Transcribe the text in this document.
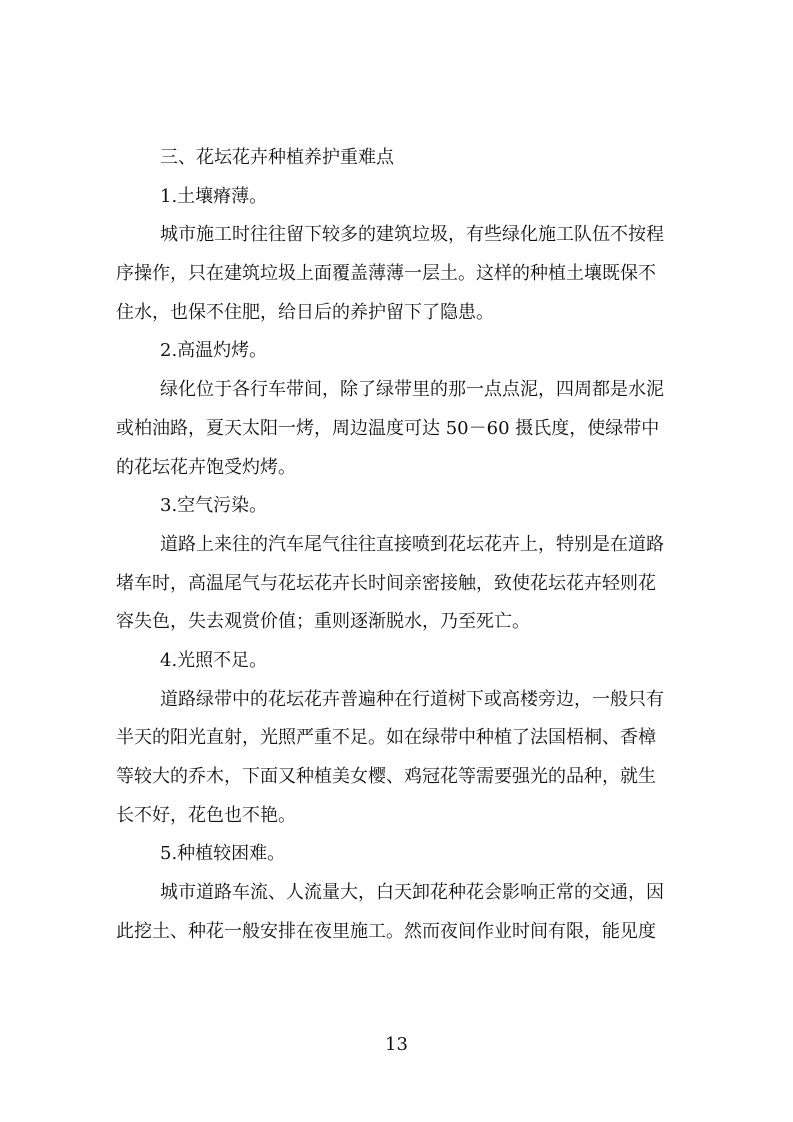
三、花坛花卉种植养护重难点

1.土壤瘠薄。

城市施工时往往留下较多的建筑垃圾，有些绿化施工队伍不按程

序操作，只在建筑垃圾上面覆盖薄薄一层土。这样的种植土壤既保不

住水，也保不住肥，给日后的养护留下了隐患。

2.高温灼烤。

绿化位于各行车带间，除了绿带里的那一点点泥，四周都是水泥

或柏油路，夏天太阳一烤，周边温度可达 50－60 摄氏度，使绿带中

的花坛花卉饱受灼烤。

3.空气污染。

道路上来往的汽车尾气往往直接喷到花坛花卉上，特别是在道路

堵车时，高温尾气与花坛花卉长时间亲密接触，致使花坛花卉轻则花

容失色，失去观赏价值；重则逐渐脱水，乃至死亡。

4.光照不足。

道路绿带中的花坛花卉普遍种在行道树下或高楼旁边，一般只有

半天的阳光直射，光照严重不足。如在绿带中种植了法国梧桐、香樟

等较大的乔木，下面又种植美女樱、鸡冠花等需要强光的品种，就生

长不好，花色也不艳。

5.种植较困难。

城市道路车流、人流量大，白天卸花种花会影响正常的交通，因

此挖土、种花一般安排在夜里施工。然而夜间作业时间有限，能见度

13
